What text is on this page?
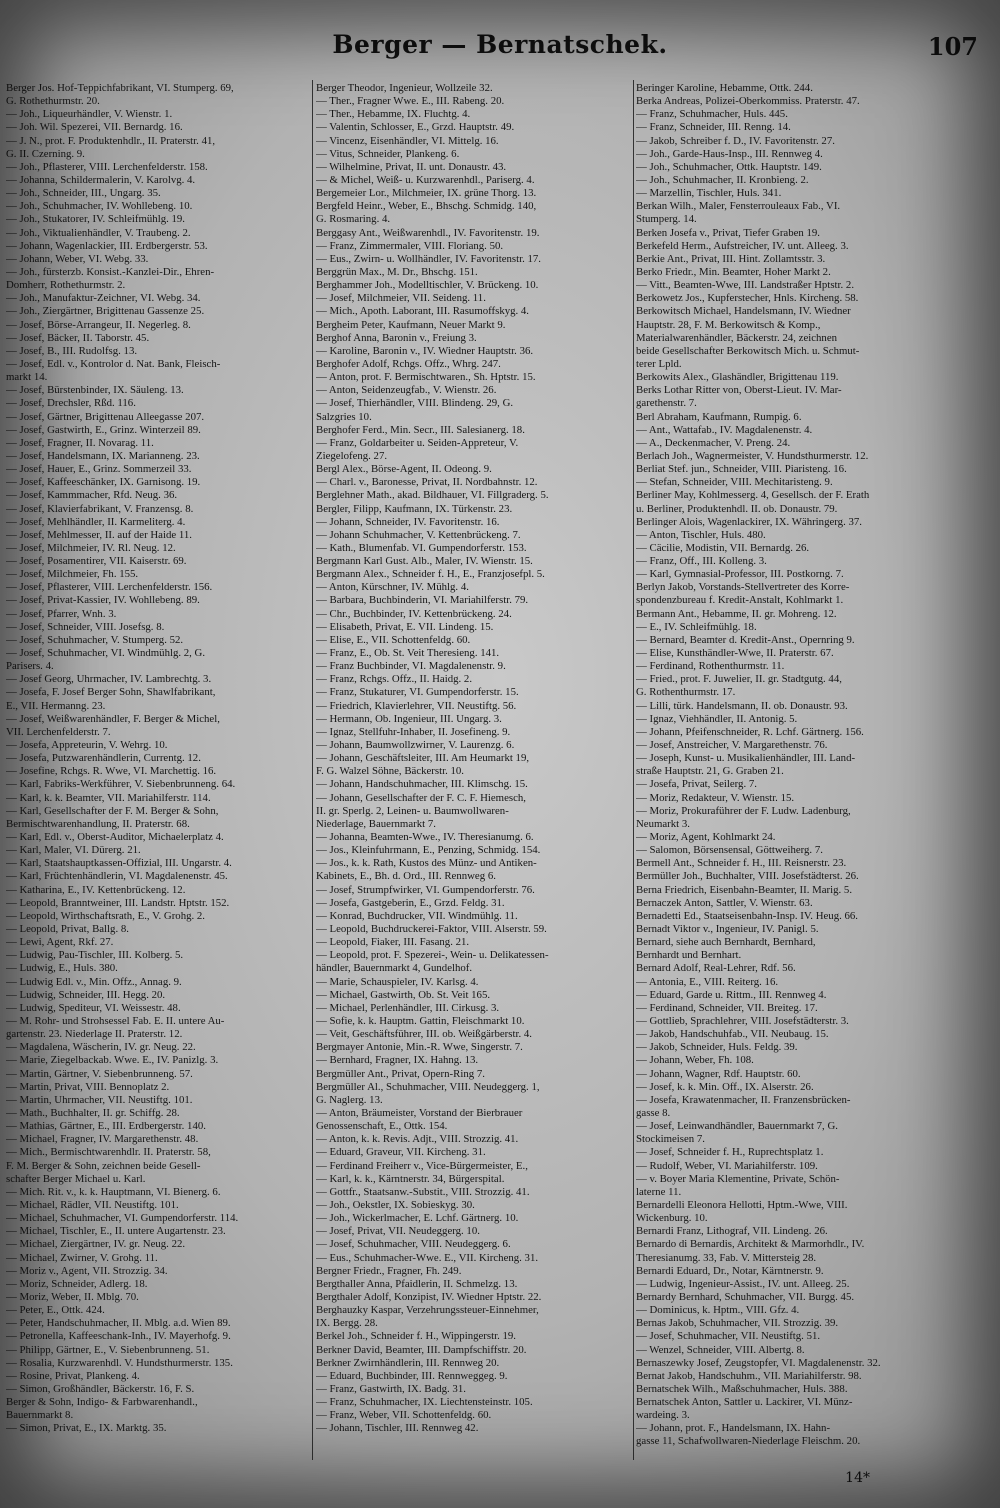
Berger — Bernatschek.	107
Berger Jos. Hof-Teppichfabrikant, VI. Stumperg. 69,
G. Rothethurmstr. 20.
— Joh., Liqueurhändler, V. Wienstr. 1.
— Joh. Wil. Spezerei, VII. Bernardg. 16.
— J. N., prot. F. Produktenhdlr., II. Praterstr. 41,
G. II. Czerning. 9.
— Joh., Pflasterer, VIII. Lerchenfelderstr. 158.
— Johanna, Schildermalerin, V. Karolvg. 4.
— Joh., Schneider, III., Ungarg. 35.
— Joh., Schuhmacher, IV. Wohllebeng. 10.
— Joh., Stukatorer, IV. Schleifmühlg. 19.
— Joh., Viktualienhändler, V. Traubeng. 2.
— Johann, Wagenlackier, III. Erdbergerstr. 53.
— Johann, Weber, VI. Webg. 33.
— Joh., fürsterzb. Konsist.-Kanzlei-Dir., Ehren-
Domherr, Rothethurmstr. 2.
— Joh., Manufaktur-Zeichner, VI. Webg. 34.
— Joh., Ziergärtner, Brigittenau Gassenze 25.
— Josef, Börse-Arrangeur, II. Negerleg. 8.
— Josef, Bäcker, II. Taborstr. 45.
— Josef, B., III. Rudolfsg. 13.
— Josef, Edl. v., Kontrolor d. Nat. Bank, Fleisch-
markt 14.
— Josef, Bürstenbinder, IX. Säuleng. 13.
— Josef, Drechsler, Rßd. 116.
— Josef, Gärtner, Brigittenau Alleegasse 207.
— Josef, Gastwirth, E., Grinz. Winterzeil 89.
— Josef, Fragner, II. Novarag. 11.
— Josef, Handelsmann, IX. Marianneng. 23.
— Josef, Hauer, E., Grinz. Sommerzeil 33.
— Josef, Kaffeeschänker, IX. Garnisong. 19.
— Josef, Kammmacher, Rfd. Neug. 36.
— Josef, Klavierfabrikant, V. Franzensg. 8.
— Josef, Mehlhändler, II. Karmeliterg. 4.
— Josef, Mehlmesser, II. auf der Haide 11.
— Josef, Milchmeier, IV. Rl. Neug. 12.
— Josef, Posamentirer, VII. Kaiserstr. 69.
— Josef, Milchmeier, Fh. 155.
— Josef, Pflasterer, VIII. Lerchenfelderstr. 156.
— Josef, Privat-Kassier, IV. Wohllebeng. 89.
— Josef, Pfarrer, Wnh. 3.
— Josef, Schneider, VIII. Josefsg. 8.
— Josef, Schuhmacher, V. Stumperg. 52.
— Josef, Schuhmacher, VI. Windmühlg. 2, G.
Parisers. 4.
— Josef Georg, Uhrmacher, IV. Lambrechtg. 3.
— Josefa, F. Josef Berger Sohn, Shawlfabrikant,
E., VII. Hermanng. 23.
— Josef, Weißwarenhändler, F. Berger & Michel,
VII. Lerchenfelderstr. 7.
— Josefa, Appreteurin, V. Wehrg. 10.
— Josefa, Putzwarenhändlerin, Currentg. 12.
— Josefine, Rchgs. R. Wwe, VI. Marchettig. 16.
— Karl, Fabriks-Werkführer, V. Siebenbrunneng. 64.
— Karl, k. k. Beamter, VII. Mariahilferstr. 114.
— Karl, Gesellschafter der F. M. Berger & Sohn,
Bermischtwarenhandlung, II. Praterstr. 68.
— Karl, Edl. v., Oberst-Auditor, Michaelerplatz 4.
— Karl, Maler, VI. Dürerg. 21.
— Karl, Staatshauptkassen-Offizial, III. Ungarstr. 4.
— Karl, Früchtenhändlerin, VI. Magdalenenstr. 45.
— Katharina, E., IV. Kettenbrückeng. 12.
— Leopold, Branntweiner, III. Landstr. Hptstr. 152.
— Leopold, Wirthschaftsrath, E., V. Grohg. 2.
— Leopold, Privat, Ballg. 8.
— Lewi, Agent, Rkf. 27.
— Ludwig, Pau-Tischler, III. Kolberg. 5.
— Ludwig, E., Huls. 380.
— Ludwig Edl. v., Min. Offz., Annag. 9.
— Ludwig, Schneider, III. Hegg. 20.
— Ludwig, Spediteur, VI. Weissestr. 48.
— M. Rohr- und Strohsessel Fab. E. II. untere Au-
gartenstr. 23. Niederlage II. Praterstr. 12.
— Magdalena, Wäscherin, IV. gr. Neug. 22.
— Marie, Ziegelbackab. Wwe. E., IV. Panizlg. 3.
— Martin, Gärtner, V. Siebenbrunneng. 57.
— Martin, Privat, VIII. Bennoplatz 2.
— Martin, Uhrmacher, VII. Neustiftg. 101.
— Math., Buchhalter, II. gr. Schiffg. 28.
— Mathias, Gärtner, E., III. Erdbergerstr. 140.
— Michael, Fragner, IV. Margarethenstr. 48.
— Mich., Bermischtwarenhdlr. II. Praterstr. 58,
F. M. Berger & Sohn, zeichnen beide Gesell-
schafter Berger Michael u. Karl.
— Mich. Rit. v., k. k. Hauptmann, VI. Bienerg. 6.
— Michael, Rädler, VII. Neustiftg. 101.
— Michael, Schuhmacher, VI. Gumpendorferstr. 114.
— Michael, Tischler, E., II. untere Augartenstr. 23.
— Michael, Ziergärtner, IV. gr. Neug. 22.
— Michael, Zwirner, V. Grohg. 11.
— Moriz v., Agent, VII. Strozzig. 34.
— Moriz, Schneider, Adlerg. 18.
— Moriz, Weber, II. Mblg. 70.
— Peter, E., Ottk. 424.
— Peter, Handschuhmacher, II. Mblg. a.d. Wien 89.
— Petronella, Kaffeeschank-Inh., IV. Mayerhofg. 9.
— Philipp, Gärtner, E., V. Siebenbrunneng. 51.
— Rosalia, Kurzwarenhdl. V. Hundsthurmerstr. 135.
— Rosine, Privat, Plankeng. 4.
— Simon, Großhändler, Bäckerstr. 16, F. S.
Berger & Sohn, Indigo- & Farbwarenhandl.,
Bauernmarkt 8.
— Simon, Privat, E., IX. Marktg. 35.
Berger Theodor, Ingenieur, Wollzeile 32.
— Ther., Fragner Wwe. E., III. Rabeng. 20.
— Ther., Hebamme, IX. Fluchtg. 4.
— Valentin, Schlosser, E., Grzd. Hauptstr. 49.
— Vincenz, Eisenhändler, VI. Mittelg. 16.
— Vitus, Schneider, Plankeng. 6.
— Wilhelmine, Privat, II. unt. Donaustr. 43.
— & Michel, Weiß- u. Kurzwarenhdl., Pariserg. 4.
Bergemeier Lor., Milchmeier, IX. grüne Thorg. 13.
Bergfeld Heinr., Weber, E., Bhschg. Schmidg. 140,
G. Rosmaring. 4.
Berggasy Ant., Weißwarenhdl., IV. Favoritenstr. 19.
— Franz, Zimmermaler, VIII. Floriang. 50.
— Eus., Zwirn- u. Wollhändler, IV. Favoritenstr. 17.
Berggrün Max., M. Dr., Bhschg. 151.
Berghammer Joh., Modelltischler, V. Brückeng. 10.
— Josef, Milchmeier, VII. Seideng. 11.
— Mich., Apoth. Laborant, III. Rasumoffskyg. 4.
Bergheim Peter, Kaufmann, Neuer Markt 9.
Berghof Anna, Baronin v., Freiung 3.
— Karoline, Baronin v., IV. Wiedner Hauptstr. 36.
Berghofer Adolf, Rchgs. Offz., Whrg. 247.
— Anton, prot. F. Bermischtwaren., Sh. Hptstr. 15.
— Anton, Seidenzeugfab., V. Wienstr. 26.
— Josef, Thierhändler, VIII. Blindeng. 29, G.
Salzgries 10.
Berghofer Ferd., Min. Secr., III. Salesianerg. 18.
— Franz, Goldarbeiter u. Seiden-Appreteur, V.
Ziegelofeng. 27.
Bergl Alex., Börse-Agent, II. Odeong. 9.
— Charl. v., Baronesse, Privat, II. Nordbahnstr. 12.
Berglehner Math., akad. Bildhauer, VI. Fillgraderg. 5.
Bergler, Filipp, Kaufmann, IX. Türkenstr. 23.
— Johann, Schneider, IV. Favoritenstr. 16.
— Johann Schuhmacher, V. Kettenbrückeng. 7.
— Kath., Blumenfab. VI. Gumpendorferstr. 153.
Bergmann Karl Gust. Alb., Maler, IV. Wienstr. 15.
Bergmann Alex., Schneider f. H., E., Franzjosefpl. 5.
— Anton, Kürschner, IV. Mühlg. 4.
— Barbara, Buchbinderin, VI. Mariahilferstr. 79.
— Chr., Buchbinder, IV. Kettenbrückeng. 24.
— Elisabeth, Privat, E. VII. Lindeng. 15.
— Elise, E., VII. Schottenfeldg. 60.
— Franz, E., Ob. St. Veit Theresieng. 141.
— Franz Buchbinder, VI. Magdalenenstr. 9.
— Franz, Rchgs. Offz., II. Haidg. 2.
— Franz, Stukaturer, VI. Gumpendorferstr. 15.
— Friedrich, Klavierlehrer, VII. Neustiftg. 56.
— Hermann, Ob. Ingenieur, III. Ungarg. 3.
— Ignaz, Stellfuhr-Inhaber, II. Josefineng. 9.
— Johann, Baumwollzwirner, V. Laurenzg. 6.
— Johann, Geschäftsleiter, III. Am Heumarkt 19,
F. G. Walzel Söhne, Bäckerstr. 10.
— Johann, Handschuhmacher, III. Klimschg. 15.
— Johann, Gesellschafter der F. C. F. Hiemesch,
II. gr. Sperlg. 2, Leinen- u. Baumwollwaren-
Niederlage, Bauernmarkt 7.
— Johanna, Beamten-Wwe., IV. Theresianumg. 6.
— Jos., Kleinfuhrmann, E., Penzing, Schmidg. 154.
— Jos., k. k. Rath, Kustos des Münz- und Antiken-
Kabinets, E., Bh. d. Ord., III. Rennweg 6.
— Josef, Strumpfwirker, VI. Gumpendorferstr. 76.
— Josefa, Gastgeberin, E., Grzd. Feldg. 31.
— Konrad, Buchdrucker, VII. Windmühlg. 11.
— Leopold, Buchdruckerei-Faktor, VIII. Alserstr. 59.
— Leopold, Fiaker, III. Fasang. 21.
— Leopold, prot. F. Spezerei-, Wein- u. Delikatessen-
händler, Bauernmarkt 4, Gundelhof.
— Marie, Schauspieler, IV. Karlsg. 4.
— Michael, Gastwirth, Ob. St. Veit 165.
— Michael, Perlenhändler, III. Cirkusg. 3.
— Sofie, k. k. Hauptm. Gattin, Fleischmarkt 10.
— Veit, Geschäftsführer, III. ob. Weißgärberstr. 4.
Bergmayer Antonie, Min.-R. Wwe, Singerstr. 7.
— Bernhard, Fragner, IX. Hahng. 13.
Bergmüller Ant., Privat, Opern-Ring 7.
Bergmüller Al., Schuhmacher, VIII. Neudeggerg. 1,
G. Naglerg. 13.
— Anton, Bräumeister, Vorstand der Bierbrauer
Genossenschaft, E., Ottk. 154.
— Anton, k. k. Revis. Adjt., VIII. Strozzig. 41.
— Eduard, Graveur, VII. Kircheng. 31.
— Ferdinand Freiherr v., Vice-Bürgermeister, E.,
— Karl, k. k., Kärntnerstr. 34, Bürgerspital.
— Gottfr., Staatsanw.-Substit., VIII. Strozzig. 41.
— Joh., Oekstler, IX. Sobieskyg. 30.
— Joh., Wickerlmacher, E. Lchf. Gärtnerg. 10.
— Josef, Privat, VII. Neudeggerg. 10.
— Josef, Schuhmacher, VIII. Neudeggerg. 6.
— Eus., Schuhmacher-Wwe. E., VII. Kircheng. 31.
Bergner Friedr., Fragner, Fh. 249.
Bergthaller Anna, Pfaidlerin, II. Schmelzg. 13.
Bergthaler Adolf, Konzipist, IV. Wiedner Hptstr. 22.
Berghauzky Kaspar, Verzehrungssteuer-Einnehmer,
IX. Bergg. 28.
Berkel Joh., Schneider f. H., Wippingerstr. 19.
Berkner David, Beamter, III. Dampfschiffstr. 20.
Berkner Zwirnhändlerin, III. Rennweg 20.
— Eduard, Buchbinder, III. Rennweggeg. 9.
— Franz, Gastwirth, IX. Badg. 31.
— Franz, Schuhmacher, IX. Liechtensteinstr. 105.
— Franz, Weber, VII. Schottenfeldg. 60.
— Johann, Tischler, III. Rennweg 42.
Beringer Karoline, Hebamme, Ottk. 244.
Berka Andreas, Polizei-Oberkommiss. Praterstr. 47.
— Franz, Schuhmacher, Huls. 445.
— Franz, Schneider, III. Renng. 14.
— Jakob, Schreiber f. D., IV. Favoritenstr. 27.
— Joh., Garde-Haus-Insp., III. Rennweg 4.
— Joh., Schuhmacher, Ottk. Hauptstr. 149.
— Joh., Schuhmacher, II. Kronbieng. 2.
— Marzellin, Tischler, Huls. 341.
Berkan Wilh., Maler, Fensterrouleaux Fab., VI.
Stumperg. 14.
Berken Josefa v., Privat, Tiefer Graben 19.
Berkefeld Herm., Aufstreicher, IV. unt. Alleeg. 3.
Berkie Ant., Privat, III. Hint. Zollamtsstr. 3.
Berko Friedr., Min. Beamter, Hoher Markt 2.
— Vitt., Beamten-Wwe, III. Landstraßer Hptstr. 2.
Berkowetz Jos., Kupferstecher, Hnls. Kircheng. 58.
Berkowitsch Michael, Handelsmann, IV. Wiedner
Hauptstr. 28, F. M. Berkowitsch & Komp.,
Materialwarenhändler, Bäckerstr. 24, zeichnen
beide Gesellschafter Berkowitsch Mich. u. Schmut-
terer Lpld.
Berkowits Alex., Glashändler, Brigittenau 119.
Berks Lothar Ritter von, Oberst-Lieut. IV. Mar-
garethenstr. 7.
Berl Abraham, Kaufmann, Rumpig. 6.
— Ant., Wattafab., IV. Magdalenenstr. 4.
— A., Deckenmacher, V. Preng. 24.
Berlach Joh., Wagnermeister, V. Hundsthurmerstr. 12.
Berliat Stef. jun., Schneider, VIII. Piaristeng. 16.
— Stefan, Schneider, VIII. Mechitaristeng. 9.
Berliner May, Kohlmesserg. 4, Gesellsch. der F. Erath
u. Berliner, Produktenhdl. II. ob. Donaustr. 79.
Berlinger Alois, Wagenlackirer, IX. Währingerg. 37.
— Anton, Tischler, Huls. 480.
— Cäcilie, Modistin, VII. Bernardg. 26.
— Franz, Off., III. Kolleng. 3.
— Karl, Gymnasial-Professor, III. Postkorng. 7.
Berlyn Jakob, Vorstands-Stellvertreter des Korre-
spondenzbureau f. Kredit-Anstalt, Kohlmarkt 1.
Bermann Ant., Hebamme, II. gr. Mohreng. 12.
— E., IV. Schleifmühlg. 18.
— Bernard, Beamter d. Kredit-Anst., Opernring 9.
— Elise, Kunsthändler-Wwe, II. Praterstr. 67.
— Ferdinand, Rothenthurmstr. 11.
— Fried., prot. F. Juwelier, II. gr. Stadtgutg. 44,
G. Rothenthurmstr. 17.
— Lilli, türk. Handelsmann, II. ob. Donaustr. 93.
— Ignaz, Viehhändler, II. Antonig. 5.
— Johann, Pfeifenschneider, R. Lchf. Gärtnerg. 156.
— Josef, Anstreicher, V. Margarethenstr. 76.
— Joseph, Kunst- u. Musikalienhändler, III. Land-
straße Hauptstr. 21, G. Graben 21.
— Josefa, Privat, Seilerg. 7.
— Moriz, Redakteur, V. Wienstr. 15.
— Moriz, Prokuraführer der F. Ludw. Ladenburg,
Neumarkt 3.
— Moriz, Agent, Kohlmarkt 24.
— Salomon, Börsensensal, Göttweiherg. 7.
Bermell Ant., Schneider f. H., III. Reisnerstr. 23.
Bermüller Joh., Buchhalter, VIII. Josefstädterst. 26.
Berna Friedrich, Eisenbahn-Beamter, II. Marig. 5.
Bernaczek Anton, Sattler, V. Wienstr. 63.
Bernadetti Ed., Staatseisenbahn-Insp. IV. Heug. 66.
Bernadt Viktor v., Ingenieur, IV. Panigl. 5.
Bernard, siehe auch Bernhardt, Bernhard,
Bernhardt und Bernhart.
Bernard Adolf, Real-Lehrer, Rdf. 56.
— Antonia, E., VIII. Reiterg. 16.
— Eduard, Garde u. Rittm., III. Rennweg 4.
— Ferdinand, Schneider, VII. Breiteg. 17.
— Gottlieb, Sprachlehrer, VIII. Josefstädterstr. 3.
— Jakob, Handschuhfab., VII. Neubaug. 15.
— Jakob, Schneider, Huls. Feldg. 39.
— Johann, Weber, Fh. 108.
— Johann, Wagner, Rdf. Hauptstr. 60.
— Josef, k. k. Min. Off., IX. Alserstr. 26.
— Josefa, Krawatenmacher, II. Franzensbrücken-
gasse 8.
— Josef, Leinwandhändler, Bauernmarkt 7, G.
Stockimeisen 7.
— Josef, Schneider f. H., Ruprechtsplatz 1.
— Rudolf, Weber, VI. Mariahilferstr. 109.
— v. Boyer Maria Klementine, Private, Schön-
laterne 11.
Bernardelli Eleonora Hellotti, Hptm.-Wwe, VIII.
Wickenburg. 10.
Bernardi Franz, Lithograf, VII. Lindeng. 26.
Bernardo di Bernardis, Architekt & Marmorhdlr., IV.
Theresianumg. 33, Fab. V. Mittersteig 28.
Bernardi Eduard, Dr., Notar, Kärntnerstr. 9.
— Ludwig, Ingenieur-Assist., IV. unt. Alleeg. 25.
Bernardy Bernhard, Schuhmacher, VII. Burgg. 45.
— Dominicus, k. Hptm., VIII. Gfz. 4.
Bernas Jakob, Schuhmacher, VII. Strozzig. 39.
— Josef, Schuhmacher, VII. Neustiftg. 51.
— Wenzel, Schneider, VIII. Albertg. 8.
Bernaszewky Josef, Zeugstopfer, VI. Magdalenenstr. 32.
Bernat Jakob, Handschuhm., VII. Mariahilferstr. 98.
Bernatschek Wilh., Maßschuhmacher, Huls. 388.
Bernatschek Anton, Sattler u. Lackirer, VI. Münz-
wardeing. 3.
— Johann, prot. F., Handelsmann, IX. Hahn-
gasse 11, Schafwollwaren-Niederlage Fleischm. 20.
14*
